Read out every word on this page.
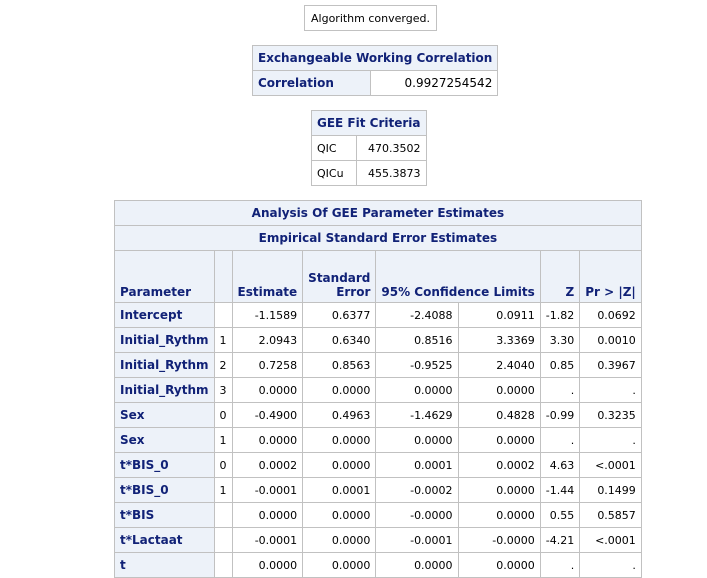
Algorithm converged.
Exchangeable Working Correlation
Correlation	0.9927254542
GEE Fit Criteria	
QIC	470.3502
QICu	455.3873
Analysis Of GEE Parameter Estimates							
Empirical Standard Error Estimates							
Parameter		Estimate	Standard
Error	95% Confidence Limits		Z	Pr > |Z|
Intercept		-1.1589	0.6377	-2.4088	0.0911	-1.82	0.0692
Initial_Rythm	1	2.0943	0.6340	0.8516	3.3369	3.30	0.0010
Initial_Rythm	2	0.7258	0.8563	-0.9525	2.4040	0.85	0.3967
Initial_Rythm	3	0.0000	0.0000	0.0000	0.0000	.	.
Sex	0	-0.4900	0.4963	-1.4629	0.4828	-0.99	0.3235
Sex	1	0.0000	0.0000	0.0000	0.0000	.	.
t*BIS_0	0	0.0002	0.0000	0.0001	0.0002	4.63	<.0001
t*BIS_0	1	-0.0001	0.0001	-0.0002	0.0000	-1.44	0.1499
t*BIS		0.0000	0.0000	-0.0000	0.0000	0.55	0.5857
t*Lactaat		-0.0001	0.0000	-0.0001	-0.0000	-4.21	<.0001
t		0.0000	0.0000	0.0000	0.0000	.	.
